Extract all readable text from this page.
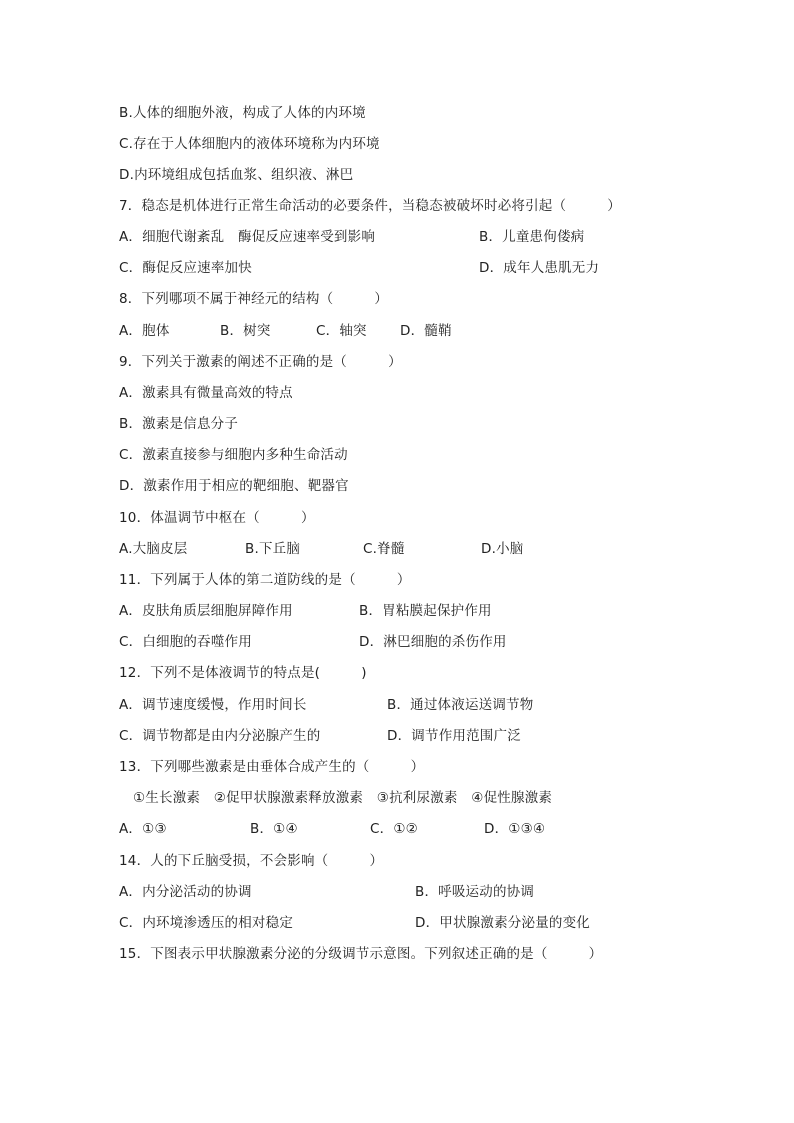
B.人体的细胞外液，构成了人体的内环境
C.存在于人体细胞内的液体环境称为内环境
D.内环境组成包括血浆、组织液、淋巴
7．稳态是机体进行正常生命活动的必要条件，当稳态被破坏时必将引起（　　　）
A．细胞代谢紊乱　酶促反应速率受到影响	B．儿童患佝偻病
C．酶促反应速率加快	D．成年人患肌无力
8．下列哪项不属于神经元的结构（　　　）
A．胞体	B．树突	C．轴突 D．髓鞘
9．下列关于激素的阐述不正确的是（　　　）
A．激素具有微量高效的特点
B．激素是信息分子
C．激素直接参与细胞内多种生命活动
D．激素作用于相应的靶细胞、靶器官
10．体温调节中枢在（　　　）
A.大脑皮层	B.下丘脑	C.脊髓	D.小脑
11．下列属于人体的第二道防线的是（　　　）
A．皮肤角质层细胞屏障作用	B．胃粘膜起保护作用
C．白细胞的吞噬作用	D．淋巴细胞的杀伤作用
12．下列不是体液调节的特点是(　　　)
A．调节速度缓慢，作用时间长	B．通过体液运送调节物
C．调节物都是由内分泌腺产生的	D．调节作用范围广泛
13．下列哪些激素是由垂体合成产生的（　　　）
①生长激素　②促甲状腺激素释放激素　③抗利尿激素　④促性腺激素
A．①③	B．①④	C．①②	D．①③④
14．人的下丘脑受损，不会影响（　　　）
A．内分泌活动的协调	B．呼吸运动的协调
C．内环境渗透压的相对稳定	D．甲状腺激素分泌量的变化
15．下图表示甲状腺激素分泌的分级调节示意图。下列叙述正确的是（　　　）
